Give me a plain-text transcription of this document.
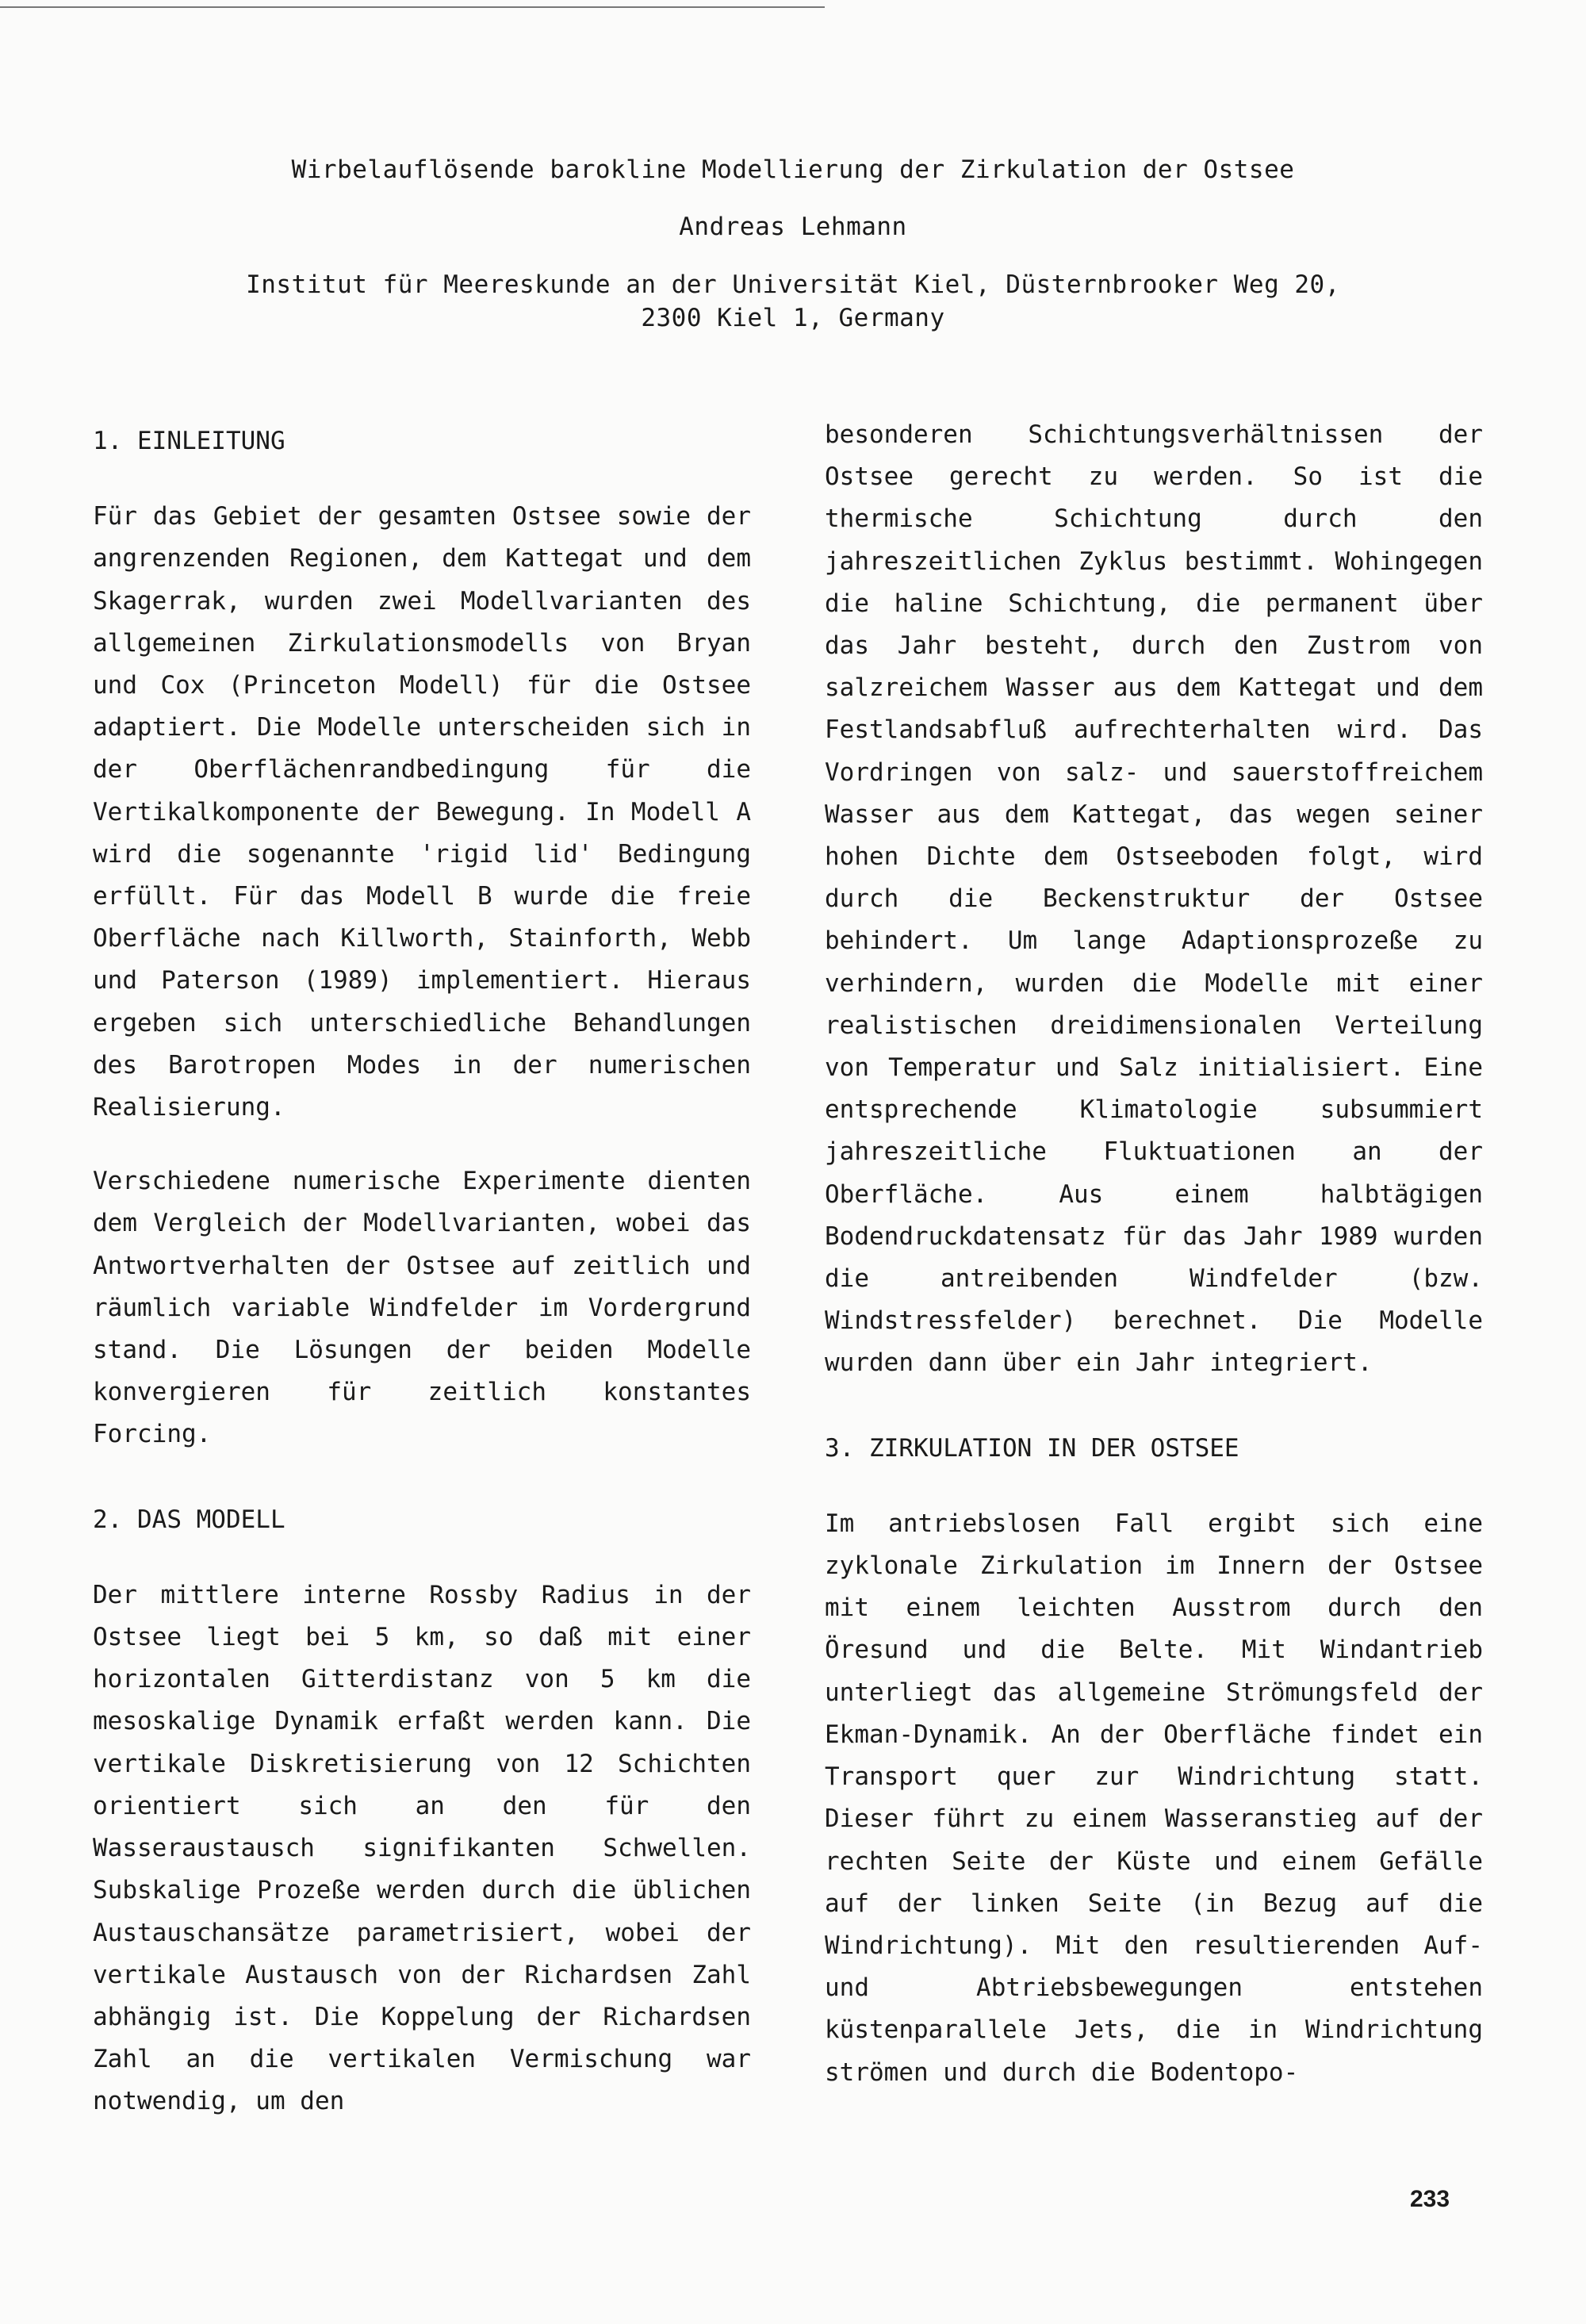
Wirbelauflösende barokline Modellierung der Zirkulation der Ostsee
Andreas Lehmann
Institut für Meereskunde an der Universität Kiel, Düsternbrooker Weg 20,
2300 Kiel 1, Germany
1. EINLEITUNG

Für das Gebiet der gesamten Ostsee sowie der angrenzenden Regionen, dem Kattegat und dem Skagerrak, wurden zwei Modellvarianten des allgemeinen Zirkulationsmodells von Bryan und Cox (Princeton Modell) für die Ostsee adaptiert. Die Modelle unterscheiden sich in der Oberflächenrandbedingung für die Vertikalkomponente der Bewegung. In Modell A wird die sogenannte 'rigid lid' Bedingung erfüllt. Für das Modell B wurde die freie Oberfläche nach Killworth, Stainforth, Webb und Paterson (1989) implementiert. Hieraus ergeben sich unterschiedliche Behandlungen des Barotropen Modes in der numerischen Realisierung.

Verschiedene numerische Experimente dienten dem Vergleich der Modellvarianten, wobei das Antwortverhalten der Ostsee auf zeitlich und räumlich variable Windfelder im Vordergrund stand. Die Lösungen der beiden Modelle konvergieren für zeitlich konstantes Forcing.

2. DAS MODELL

Der mittlere interne Rossby Radius in der Ostsee liegt bei 5 km, so daß mit einer horizontalen Gitterdistanz von 5 km die mesoskalige Dynamik erfaßt werden kann. Die vertikale Diskretisierung von 12 Schichten orientiert sich an den für den Wasseraustausch signifikanten Schwellen. Subskalige Prozeße werden durch die üblichen Austauschansätze parametrisiert, wobei der vertikale Austausch von der Richardsen Zahl abhängig ist. Die Koppelung der Richardsen Zahl an die vertikalen Vermischung war notwendig, um den

besonderen Schichtungsverhältnissen der Ostsee gerecht zu werden. So ist die thermische Schichtung durch den jahreszeitlichen Zyklus bestimmt. Wohingegen die haline Schichtung, die permanent über das Jahr besteht, durch den Zustrom von salzreichem Wasser aus dem Kattegat und dem Festlandsabfluß aufrechterhalten wird. Das Vordringen von salz- und sauerstoffreichem Wasser aus dem Kattegat, das wegen seiner hohen Dichte dem Ostseeboden folgt, wird durch die Beckenstruktur der Ostsee behindert. Um lange Adaptionsprozeße zu verhindern, wurden die Modelle mit einer realistischen dreidimensionalen Verteilung von Temperatur und Salz initialisiert. Eine entsprechende Klimatologie subsummiert jahreszeitliche Fluktuationen an der Oberfläche. Aus einem halbtägigen Bodendruckdatensatz für das Jahr 1989 wurden die antreibenden Windfelder (bzw. Windstressfelder) berechnet. Die Modelle wurden dann über ein Jahr integriert.

3. ZIRKULATION IN DER OSTSEE

Im antriebslosen Fall ergibt sich eine zyklonale Zirkulation im Innern der Ostsee mit einem leichten Ausstrom durch den Öresund und die Belte. Mit Windantrieb unterliegt das allgemeine Strömungsfeld der Ekman-Dynamik. An der Oberfläche findet ein Transport quer zur Windrichtung statt. Dieser führt zu einem Wasseranstieg auf der rechten Seite der Küste und einem Gefälle auf der linken Seite (in Bezug auf die Windrichtung). Mit den resultierenden Auf- und Abtriebsbewegungen entstehen küstenparallele Jets, die in Windrichtung strömen und durch die Bodentopo-

233
